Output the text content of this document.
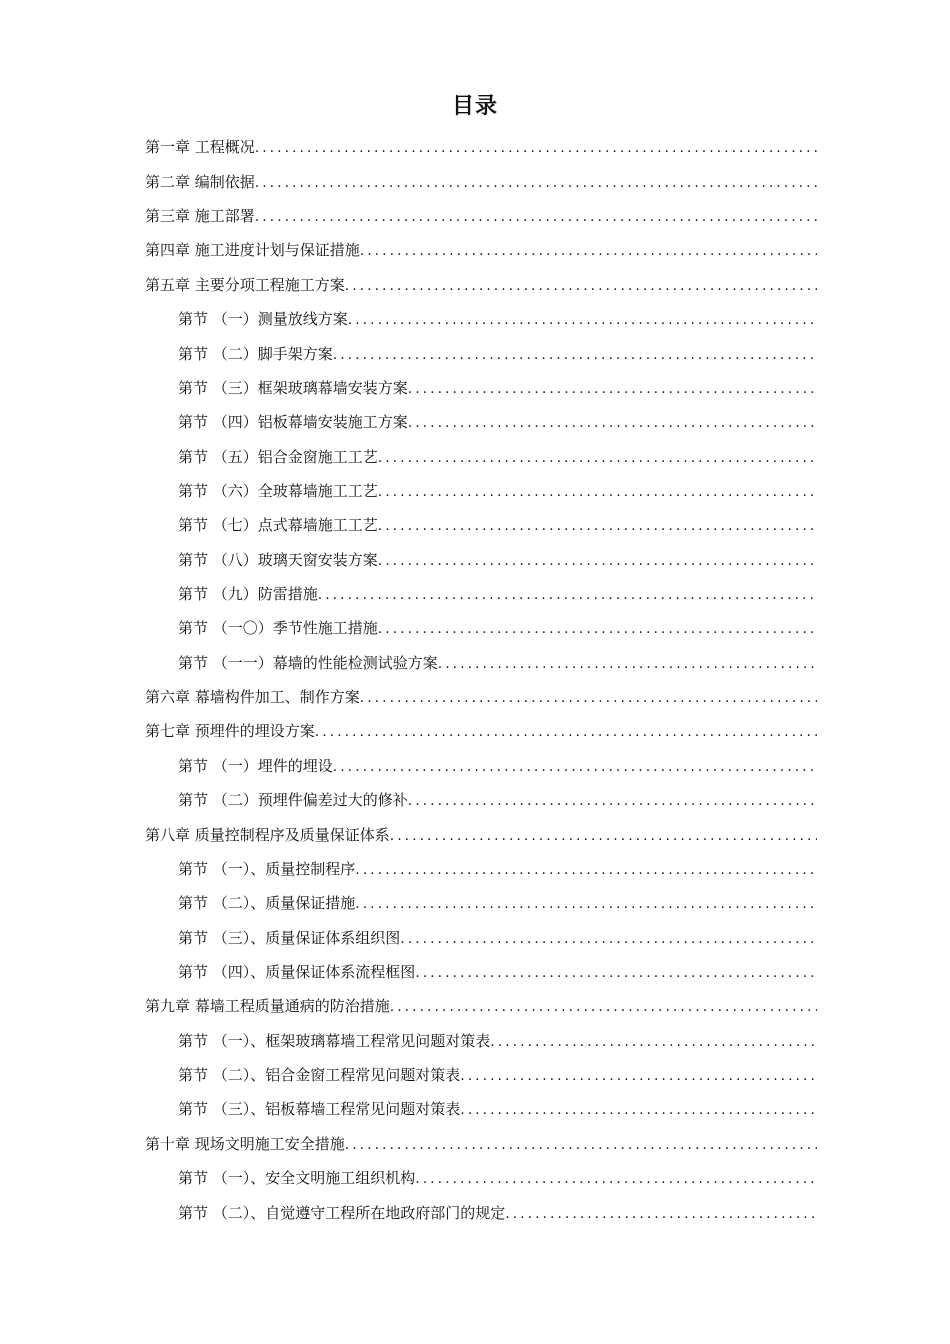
目录
第一章 工程概况
.....
第二章 编制依据
.....
第三章 施工部署
.....
第四章 施工进度计划与保证措施
.....
第五章 主要分项工程施工方案
.....
第节 （一）测量放线方案
.....
第节 （二）脚手架方案
.....
第节 （三）框架玻璃幕墙安装方案
.....
第节 （四）铝板幕墙安装施工方案
.....
第节 （五）铝合金窗施工工艺
.....
第节 （六）全玻幕墙施工工艺
.....
第节 （七）点式幕墙施工工艺
.....
第节 （八）玻璃天窗安装方案
.....
第节 （九）防雷措施
.....
第节 （一〇）季节性施工措施
.....
第节 （一一）幕墙的性能检测试验方案
.....
第六章 幕墙构件加工、制作方案
.....
第七章 预埋件的埋设方案
.....
第节 （一）埋件的埋设
.....
第节 （二）预埋件偏差过大的修补
.....
第八章 质量控制程序及质量保证体系
.....
第节 （一）、质量控制程序
.....
第节 （二）、质量保证措施
.....
第节 （三）、质量保证体系组织图
.....
第节 （四）、质量保证体系流程框图
.....
第九章 幕墙工程质量通病的防治措施
.....
第节 （一）、框架玻璃幕墙工程常见问题对策表
.....
第节 （二）、铝合金窗工程常见问题对策表
.....
第节 （三）、铝板幕墙工程常见问题对策表
.....
第十章 现场文明施工安全措施
.....
第节 （一）、安全文明施工组织机构
.....
第节 （二）、自觉遵守工程所在地政府部门的规定
.....
